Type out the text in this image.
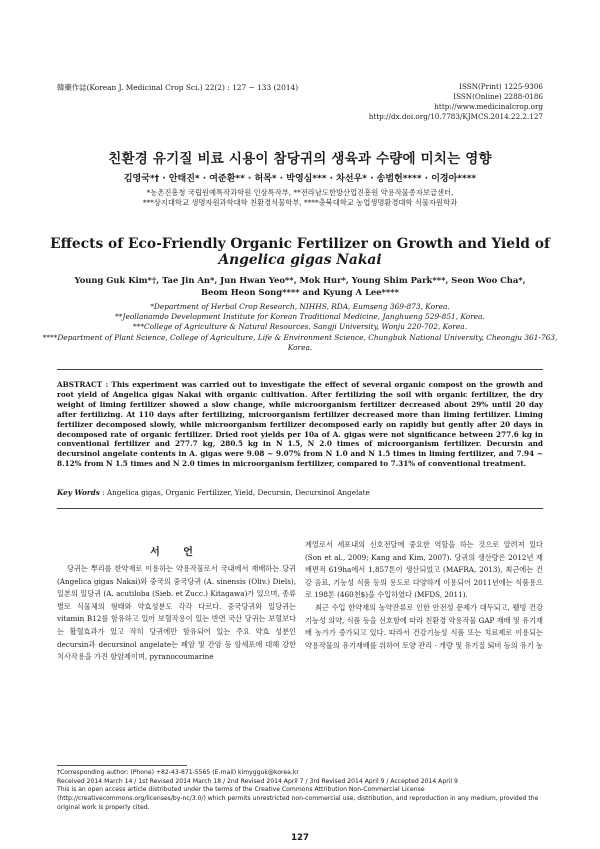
韓藥作誌(Korean J. Medicinal Crop Sci.) 22(2) : 127 − 133 (2014)	ISSN(Print) 1225-9306
ISSN(Online) 2288-0186
http://www.medicinalcrop.org
http://dx.doi.org/10.7783/KJMCS.2014.22.2.127
친환경 유기질 비료 시용이 참당귀의 생육과 수량에 미치는 영향
김영국*† · 안태진* · 여준환** · 허목* · 박영심*** · 차선우* · 송범헌**** · 이경아****
*농촌진흥청 국립원예특작과학원 인삼특작부, **전라남도한방산업진흥원 약용작물종자보급센터,
***상지대학교 생명자원과학대학 친환경식물학부, ****충북대학교 농업생명환경대학 식물자원학과
Effects of Eco-Friendly Organic Fertilizer on Growth and Yield of
Angelica gigas Nakai
Young Guk Kim*†, Tae Jin An*, Jun Hwan Yeo**, Mok Hur*, Young Shim Park***, Seon Woo Cha*,
Beom Heon Song**** and Kyung A Lee****
*Department of Herbal Crop Research, NIHHS, RDA, Eumseng 369-873, Korea.
**Jeollanamdo Development Institute for Korean Traditional Medicine, Janghueng 529-851, Korea.
***College of Agriculture & Natural Resources, Sangji University, Wonju 220-702, Korea.
****Department of Plant Science, College of Agriculture, Life & Environment Science, Chungbuk National University, Cheongju 361-763, Korea.
ABSTRACT : This experiment was carried out to investigate the effect of several organic compost on the growth and root yield of Angelica gigas Nakai with organic cultivation. After fertilizing the soil with organic fertilizer, the dry weight of liming fertilizer showed a slow change, while microorganism fertilizer decreased about 29% until 20 day after fertilizing. At 110 days after fertilizing, microorganism fertilizer decreased more than liming fertilizer. Liming fertilizer decomposed slowly, while microorganism fertilizer decomposed early on rapidly but gently after 20 days in decomposed rate of organic fertilizer. Dried root yields per 10a of A. gigas were not significance between 277.6 kg in conventional fertilizer and 277.7 kg, 280.5 kg in N 1.5, N 2.0 times of microorganism fertilizer. Decursin and decursinol angelate contents in A. gigas were 9.08 ~ 9.07% from N 1.0 and N 1.5 times in liming fertilizer, and 7.94 ~ 8.12% from N 1.5 times and N 2.0 times in microorganism fertilizer, compared to 7.31% of conventional treatment.
Key Words : Angelica gigas, Organic Fertilizer, Yield, Decursin, Decursinol Angelate
서 언

당귀는 뿌리를 한약재로 이용하는 약용작물로서 국내에서 재배하는 당귀 (Angelica gigas Nakai)와 중국의 중국당귀 (A. sinensis (Oliv.) Diels), 일본의 일당귀 (A. acutiloba (Sieb. et Zucc.) Kitagawa)가 있으며, 종류별로 식물체의 형태와 약효성분도 각각 다르다. 중국당귀와 일당귀는 vitamin B12를 함유하고 있어 보혈작용이 있는 반면 국산 당귀는 보혈보다는 활혈효과가 있고 작히 당귀에만 함유되어 있는 주요 약효 성분인 decursin과 decursinol angelate는 폐암 및 간암 등 암세포에 대해 강한 치사작용을 가진 항암제이며, pyranocoumarine

계열로서 세포내의 신호전달에 중요한 역할을 하는 것으로 알려져 있다 (Son et al., 2009; Kang and Kim, 2007). 당귀의 생산량은 2012년 재배면적 619ha에서 1,857톤이 생산되었고 (MAFRA, 2013), 최근에는 건강 음료, 기능성 식품 등의 용도로 다양하게 이용되어 2011년에는 식품용으로 198톤 (460천$)을 수입하였다 (MFDS, 2011).

최근 수입 한약재의 농약잔류로 인한 안전성 문제가 대두되고, 웰빙 건강 기능성 의약, 식품 등을 선호함에 따라 친환경 약용작물 GAP 재배 및 유기재배 농가가 증가되고 있다. 따라서 건강기능성 식품 또는 치료제로 이용되는 약용작물의 유기재배를 위하여 토양 관리 · 개량 및 유기질 퇴비 등의 유기 농

†Corresponding author: (Phone) +82-43-871-5565 (E-mail) kimygguk@korea.kr
Received 2014 March 14 / 1st Revised 2014 March 18 / 2nd Revised 2014 April 7 / 3rd Revised 2014 April 9 / Accepted 2014 April 9
This is an open access article distributed under the terms of the Creative Commons Attribution Non-Commercial License (http://creativecommons.org/licenses/by-nc/3.0/) which permits unrestricted non-commercial use, distribution, and reproduction in any medium, provided the original work is properly cited.
127
